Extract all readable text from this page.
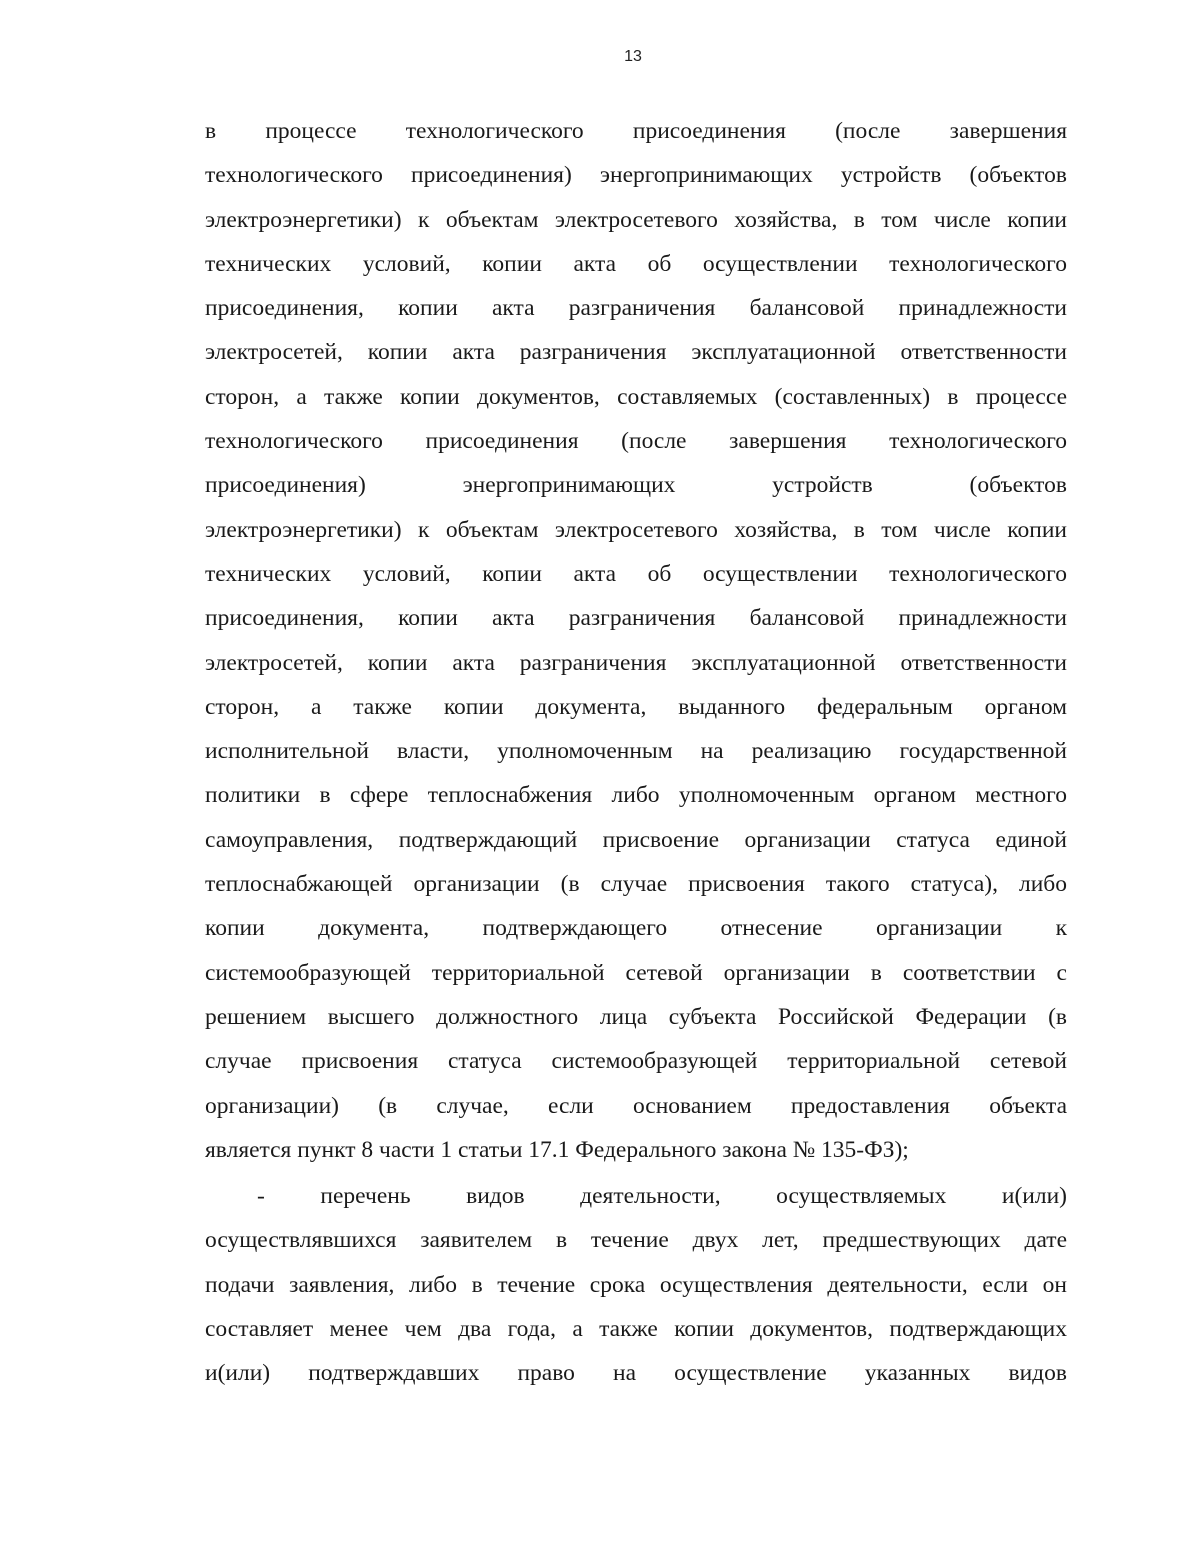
13
в процессе технологического присоединения (после завершения
технологического присоединения) энергопринимающих устройств (объектов
электроэнергетики) к объектам электросетевого хозяйства, в том числе копии
технических условий, копии акта об осуществлении технологического
присоединения, копии акта разграничения балансовой принадлежности
электросетей, копии акта разграничения эксплуатационной ответственности
сторон, а также копии документов, составляемых (составленных) в процессе
технологического присоединения (после завершения технологического
присоединения) энергопринимающих устройств (объектов
электроэнергетики) к объектам электросетевого хозяйства, в том числе копии
технических условий, копии акта об осуществлении технологического
присоединения, копии акта разграничения балансовой принадлежности
электросетей, копии акта разграничения эксплуатационной ответственности
сторон, а также копии документа, выданного федеральным органом
исполнительной власти, уполномоченным на реализацию государственной
политики в сфере теплоснабжения либо уполномоченным органом местного
самоуправления, подтверждающий присвоение организации статуса единой
теплоснабжающей организации (в случае присвоения такого статуса), либо
копии документа, подтверждающего отнесение организации к
системообразующей территориальной сетевой организации в соответствии с
решением высшего должностного лица субъекта Российской Федерации (в
случае присвоения статуса системообразующей территориальной сетевой
организации) (в случае, если основанием предоставления объекта
является пункт 8 части 1 статьи 17.1 Федерального закона № 135-ФЗ);
- перечень видов деятельности, осуществляемых и(или)
осуществлявшихся заявителем в течение двух лет, предшествующих дате
подачи заявления, либо в течение срока осуществления деятельности, если он
составляет менее чем два года, а также копии документов, подтверждающих
и(или) подтверждавших право на осуществление указанных видов
